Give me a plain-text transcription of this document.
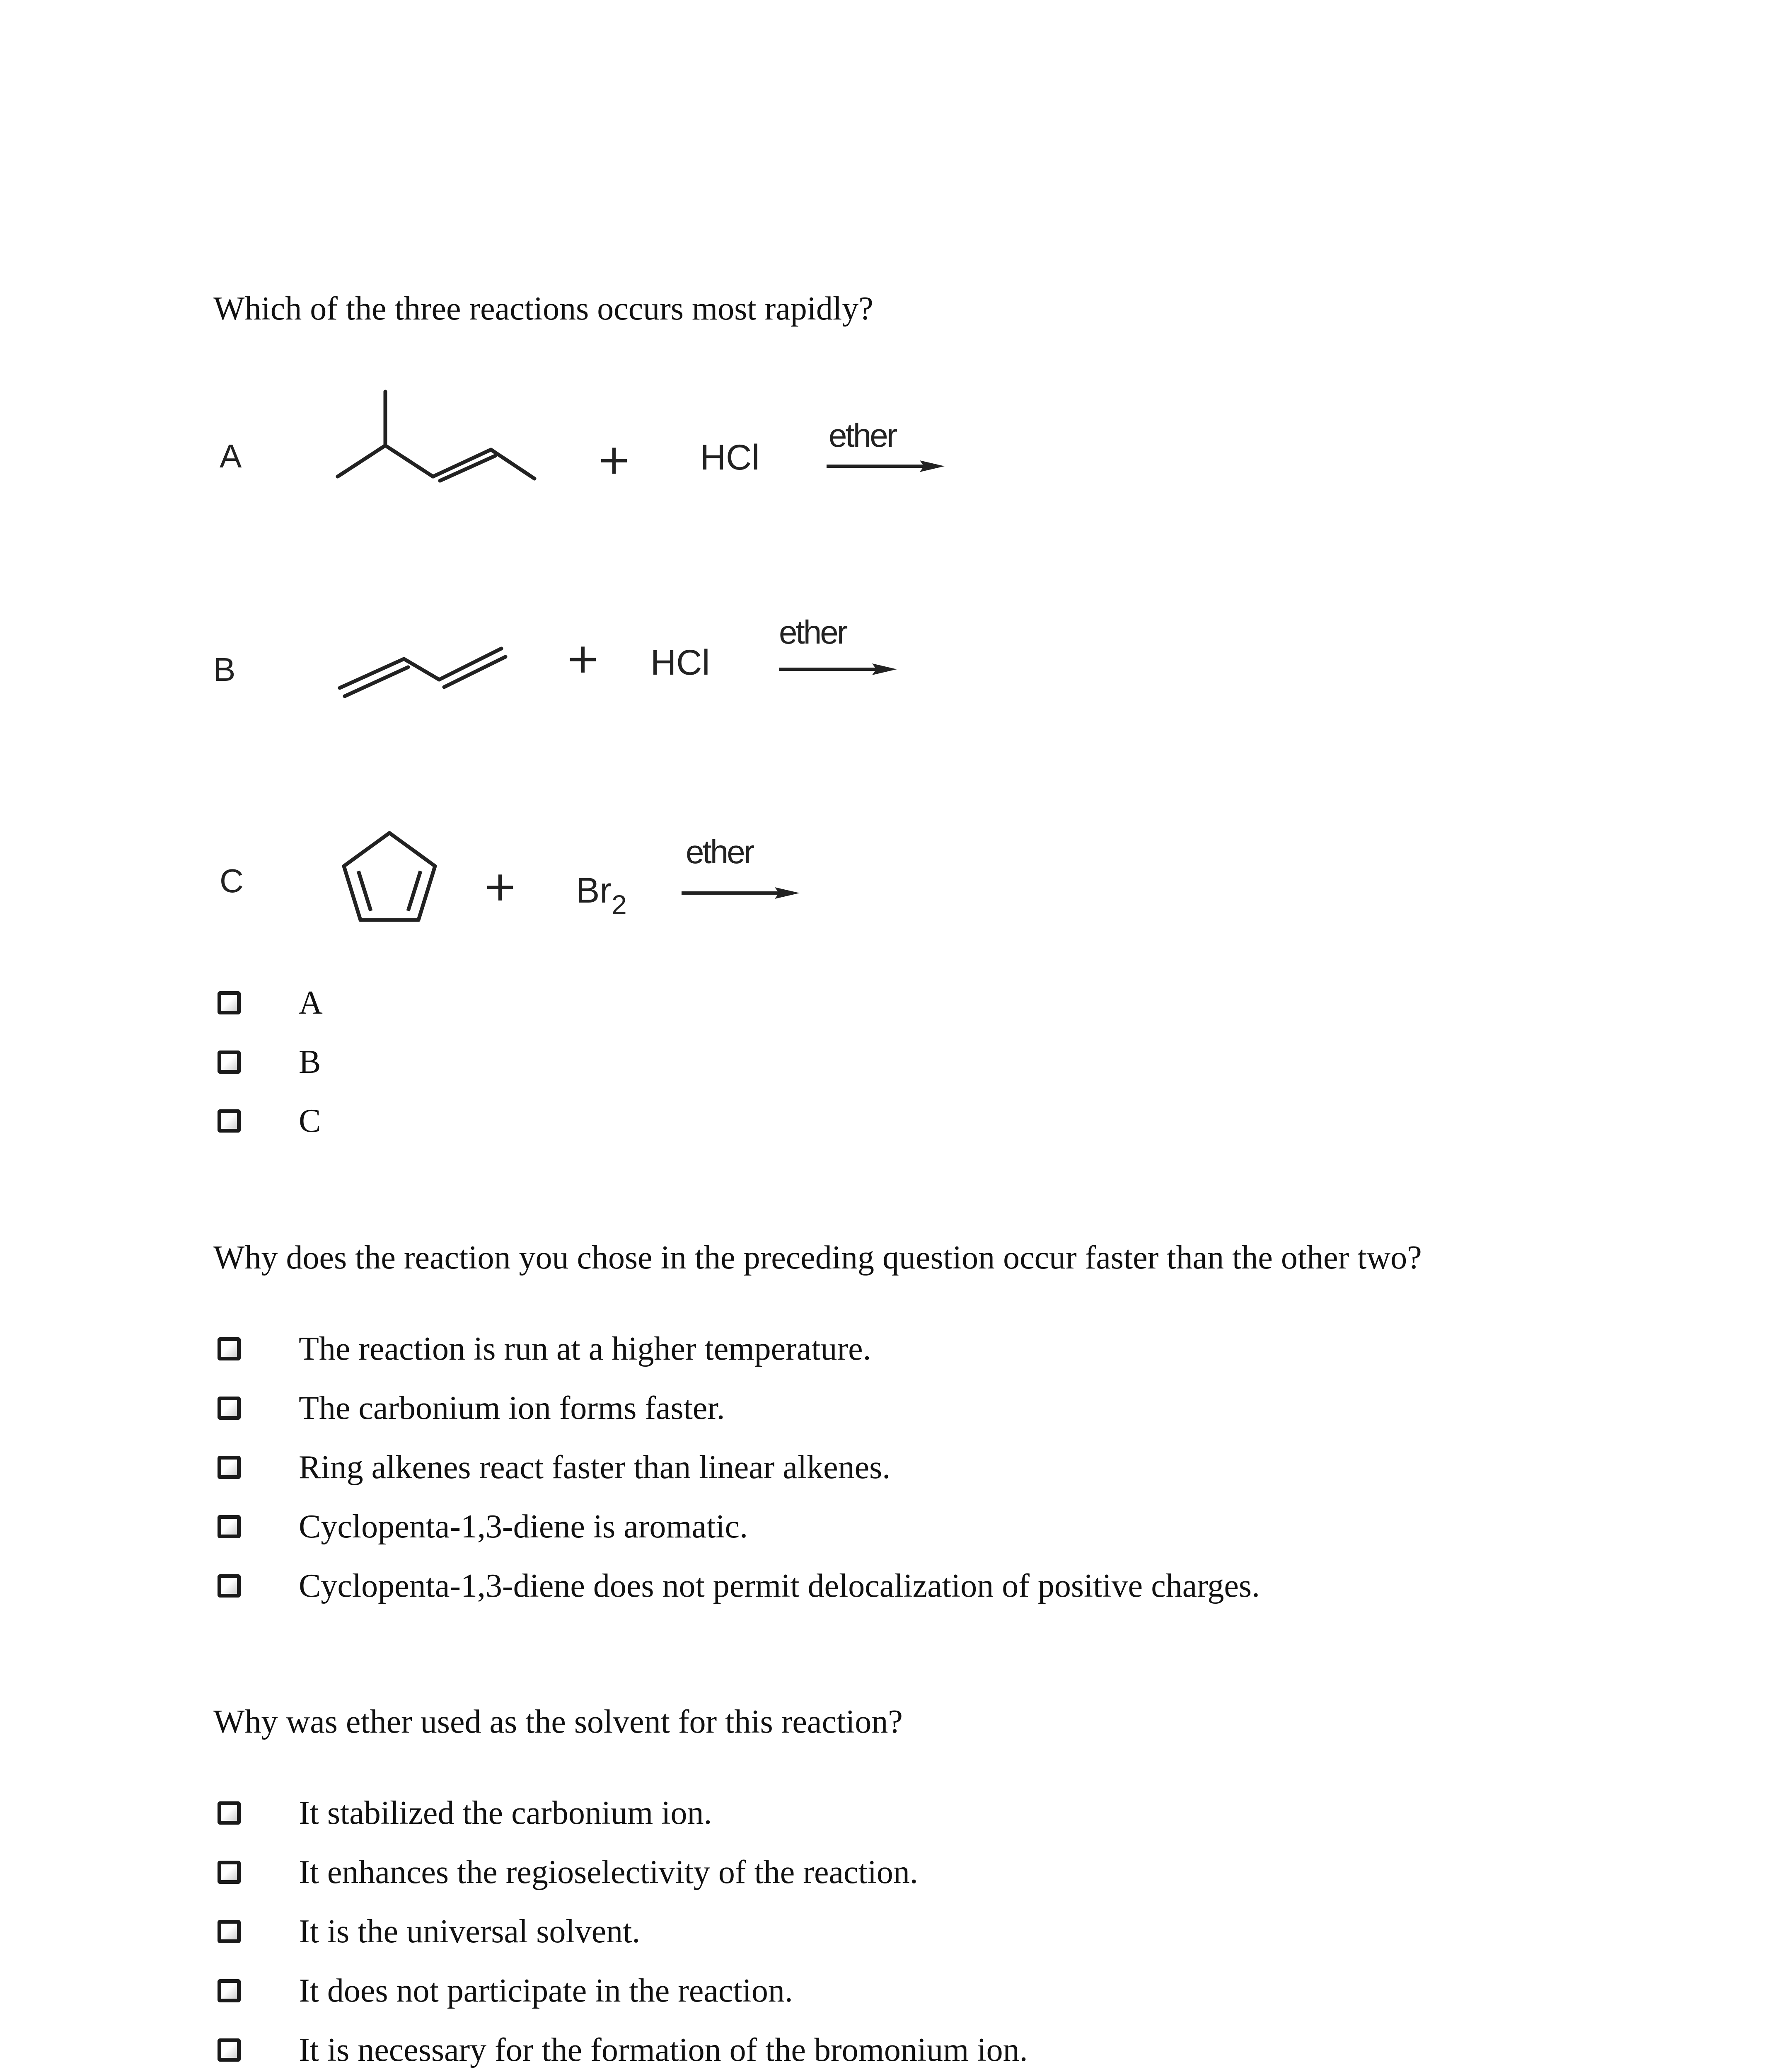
Which of the three reactions occurs most rapidly?

A	+ HCl
ether
B	+ HCl
ether
C	+ $Br_2$
ether
A
B
C

Why does the reaction you chose in the preceding question occur faster than the other two?

The reaction is run at a higher temperature.
The carbonium ion forms faster.
Ring alkenes react faster than linear alkenes.
Cyclopenta-1,3-diene is aromatic.
Cyclopenta-1,3-diene does not permit delocalization of positive charges.

Why was ether used as the solvent for this reaction?

It stabilized the carbonium ion.
It enhances the regioselectivity of the reaction.
It is the universal solvent.
It does not participate in the reaction.
It is necessary for the formation of the bromonium ion.
